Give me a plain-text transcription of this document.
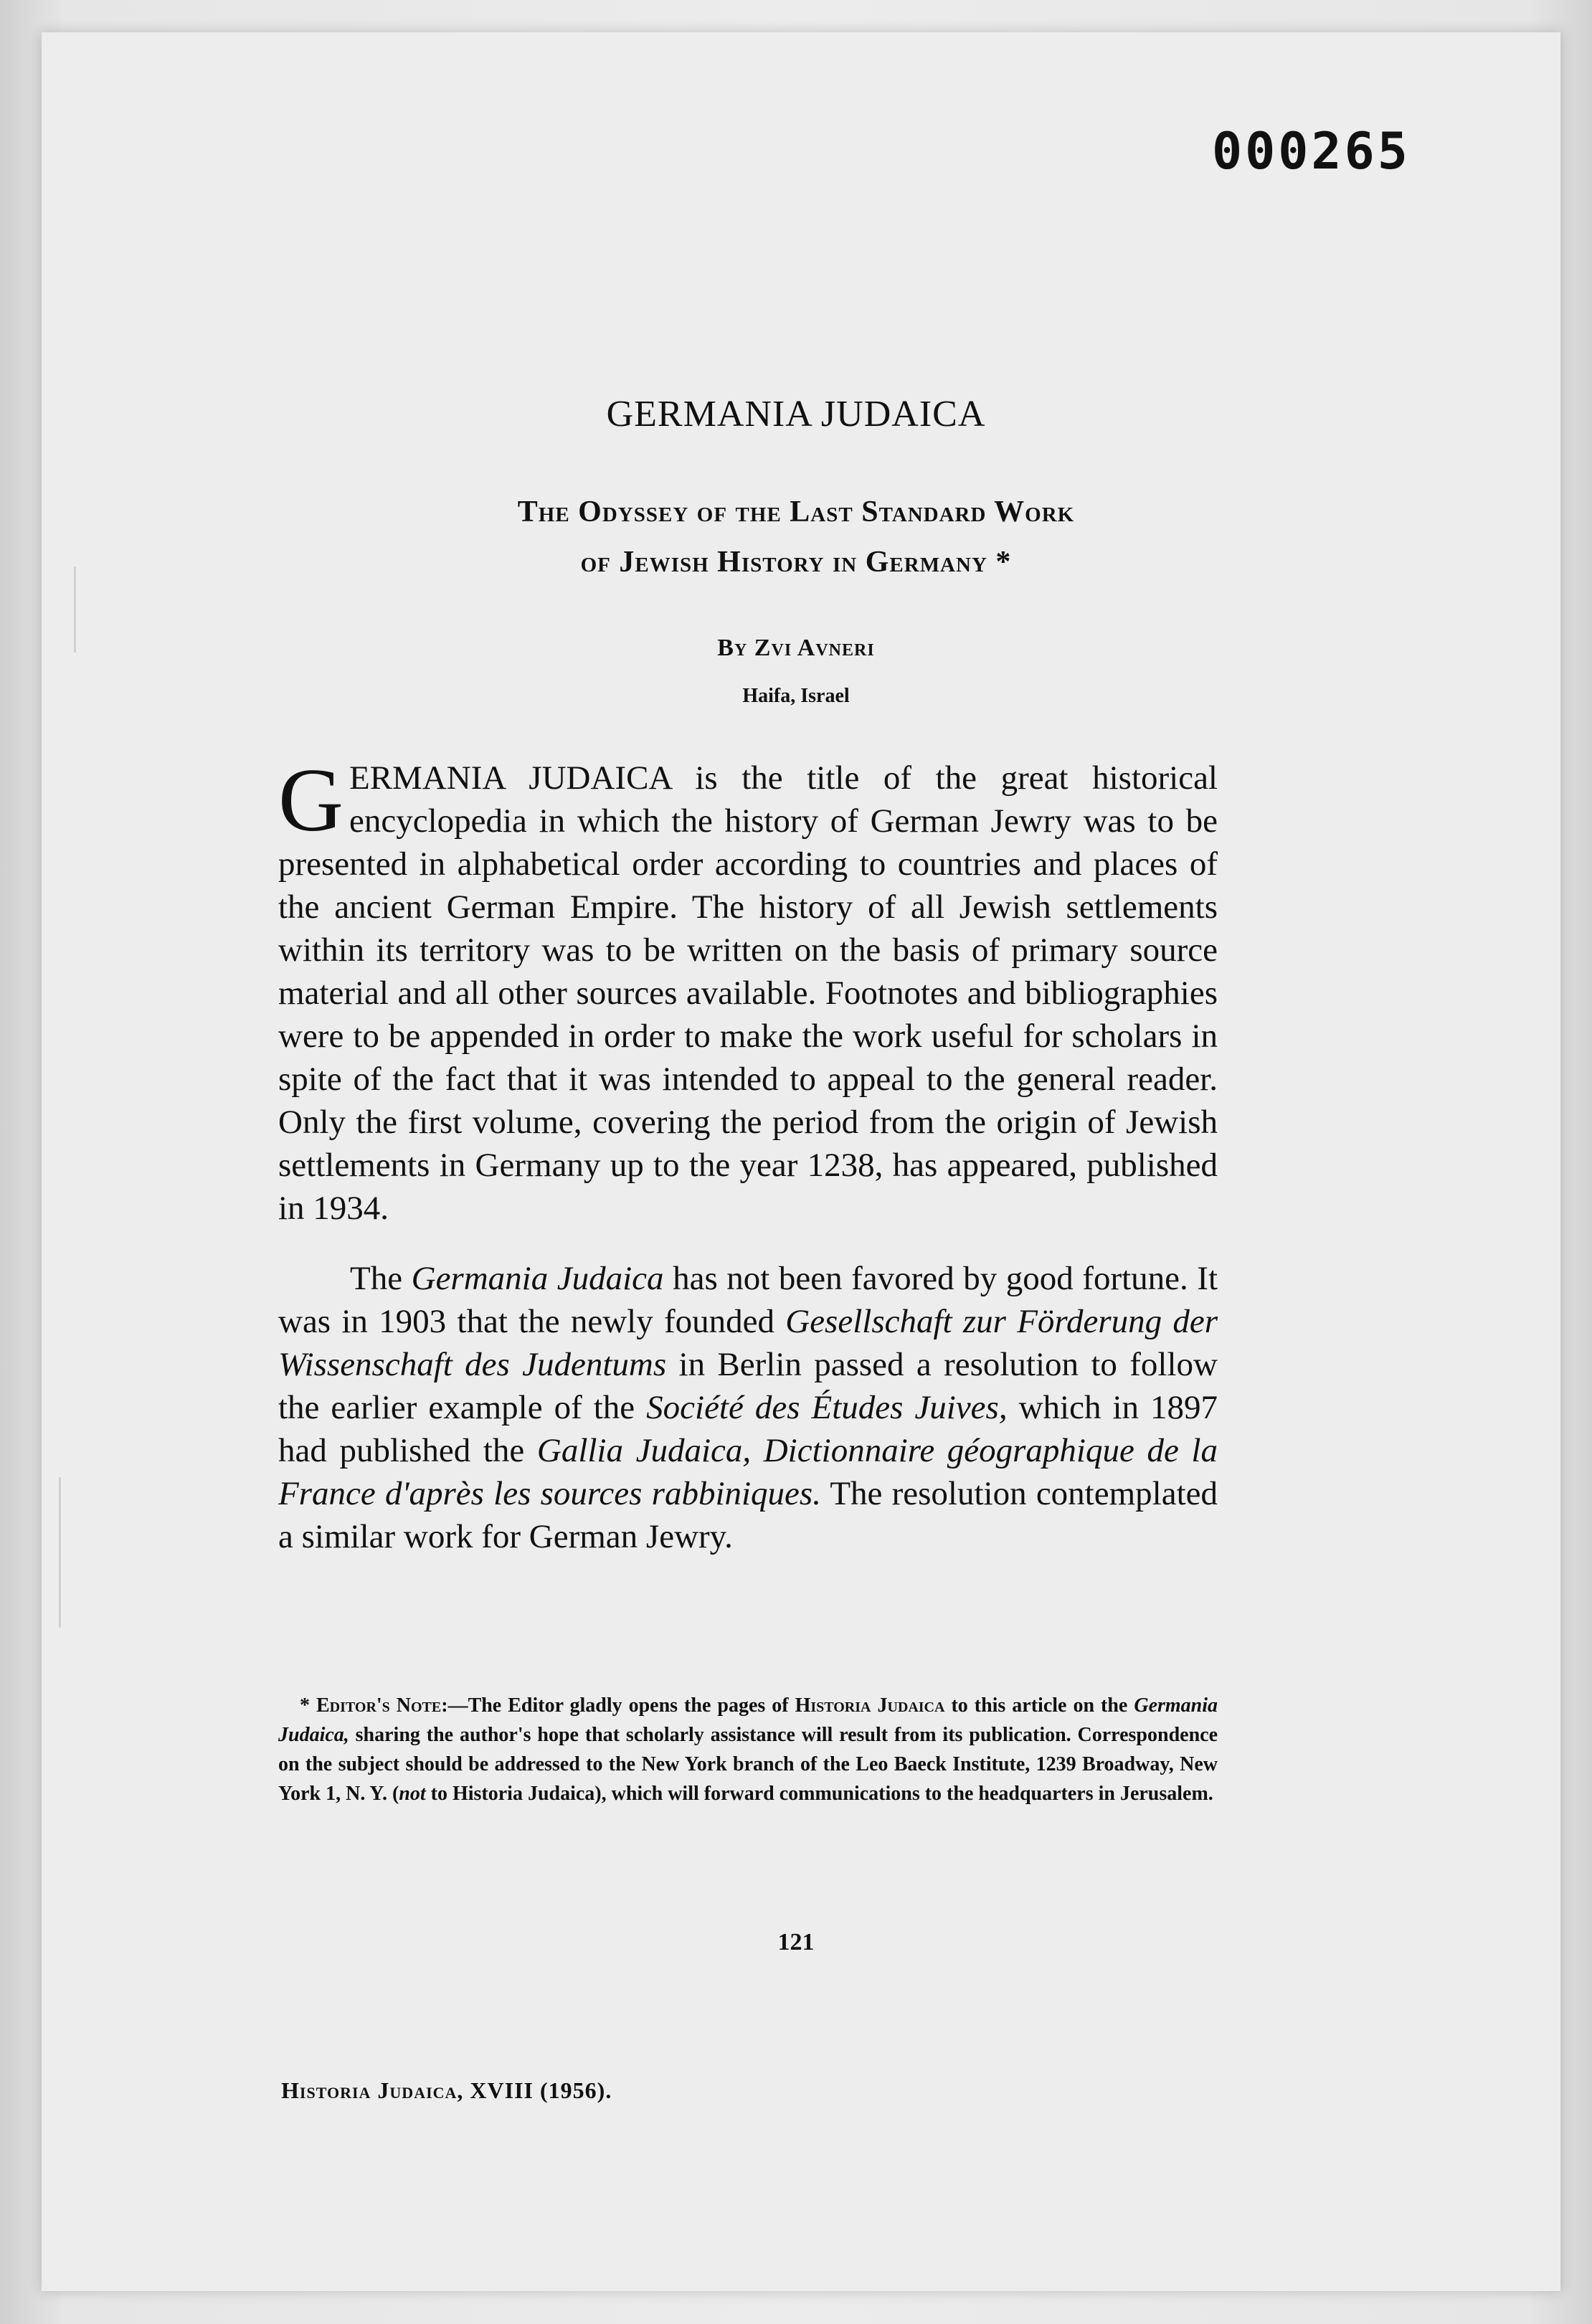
000265
GERMANIA JUDAICA
The Odyssey of the Last Standard Work
of Jewish History in Germany *
By Zvi Avneri
Haifa, Israel

GERMANIA JUDAICA is the title of the great historical encyclopedia in which the history of German Jewry was to be presented in alphabetical order according to countries and places of the ancient German Empire. The history of all Jewish settlements within its territory was to be written on the basis of primary source material and all other sources available. Footnotes and bibliographies were to be appended in order to make the work useful for scholars in spite of the fact that it was intended to appeal to the general reader. Only the first volume, covering the period from the origin of Jewish settlements in Germany up to the year 1238, has appeared, published in 1934.

The Germania Judaica has not been favored by good fortune. It was in 1903 that the newly founded Gesellschaft zur Förderung der Wissenschaft des Judentums in Berlin passed a resolution to follow the earlier example of the Société des Études Juives, which in 1897 had published the Gallia Judaica, Dictionnaire géographique de la France d'après les sources rabbiniques. The resolution contemplated a similar work for German Jewry.

* Editor's Note:—The Editor gladly opens the pages of Historia Judaica to this article on the Germania Judaica, sharing the author's hope that scholarly assistance will result from its publication. Correspondence on the subject should be addressed to the New York branch of the Leo Baeck Institute, 1239 Broadway, New York 1, N. Y. (not to Historia Judaica), which will forward communications to the headquarters in Jerusalem.

121
Historia Judaica, XVIII (1956).
